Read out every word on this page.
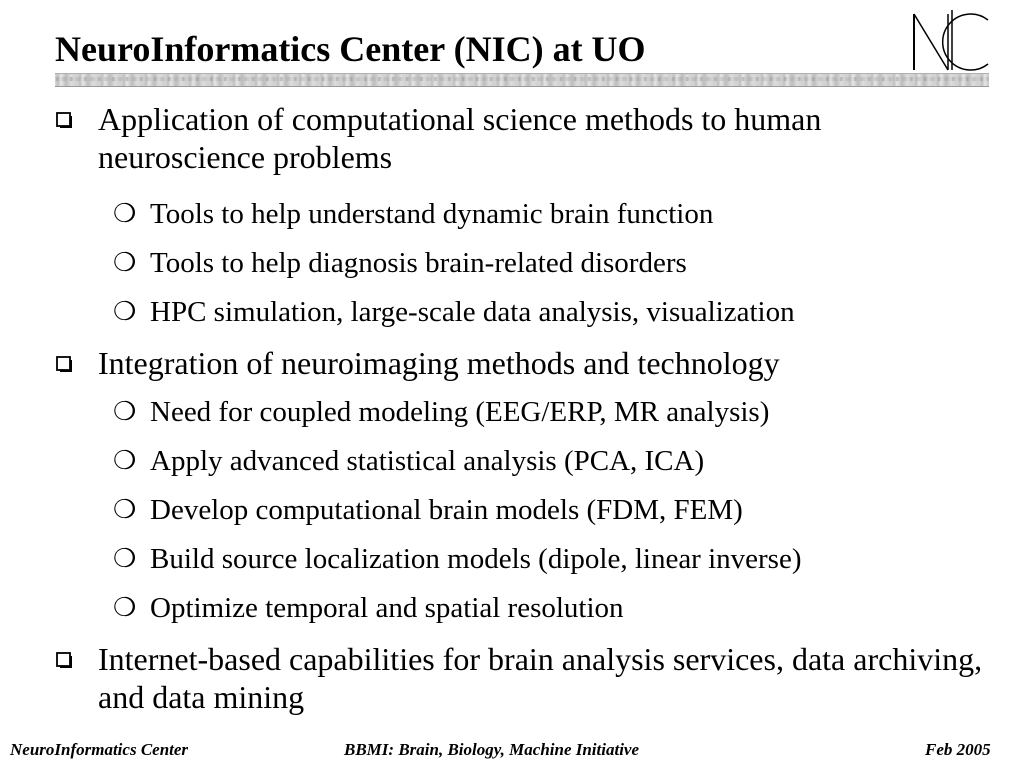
NeuroInformatics Center (NIC) at UO
Application of computational science methods to human neuroscience problems
❍ Tools to help understand dynamic brain function
❍ Tools to help diagnosis brain-related disorders
❍ HPC simulation, large-scale data analysis, visualization
Integration of neuroimaging methods and technology
❍ Need for coupled modeling (EEG/ERP, MR analysis)
❍ Apply advanced statistical analysis (PCA, ICA)
❍ Develop computational brain models (FDM, FEM)
❍ Build source localization models (dipole, linear inverse)
❍ Optimize temporal and spatial resolution
Internet-based capabilities for brain analysis services, data archiving, and data mining
NeuroInformatics Center	BBMI: Brain, Biology, Machine Initiative	Feb 2005
